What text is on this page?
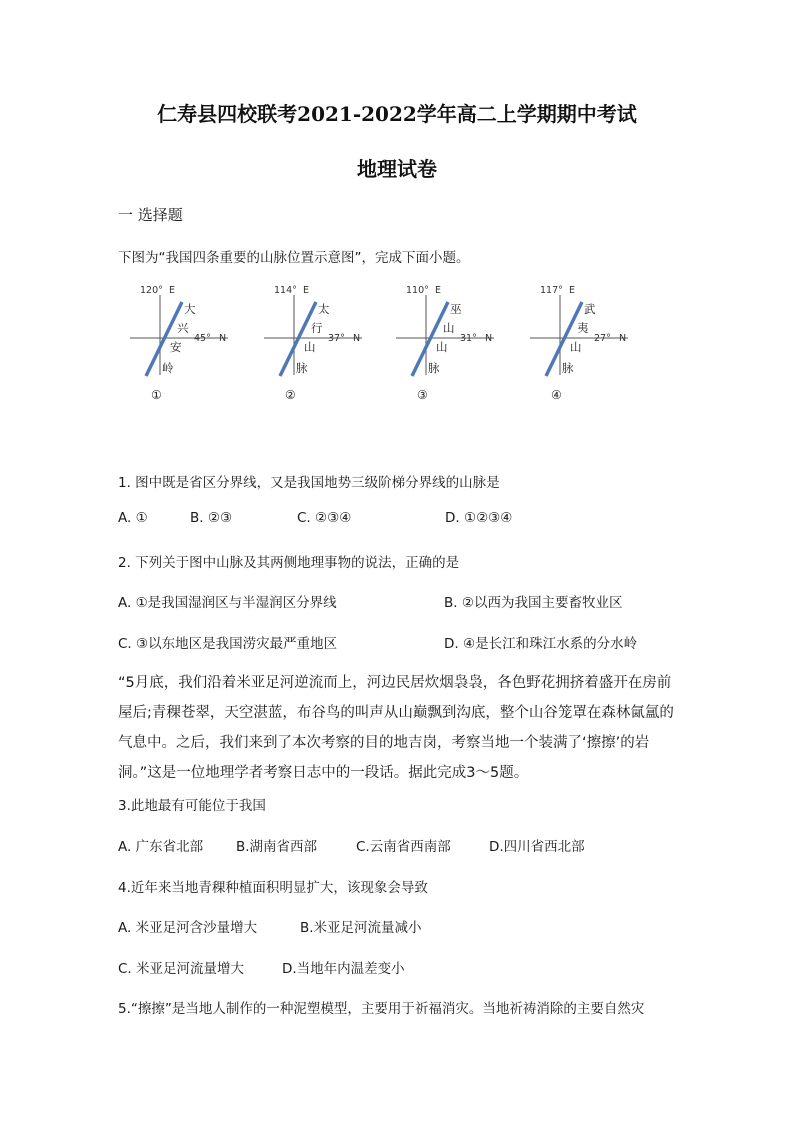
仁寿县四校联考2021-2022学年高二上学期期中考试
地理试卷
一 选择题
下图为“我国四条重要的山脉位置示意图”，完成下面小题。
120° E
45° N
大
兴
安
岭
①
114° E
37° N
太
行
山
脉
②
110° E
31° N
巫
山
山
脉
③
117° E
27° N
武
夷
山
脉
④
1. 图中既是省区分界线，又是我国地势三级阶梯分界线的山脉是
A. ①	B. ②③	C. ②③④	D. ①②③④
2. 下列关于图中山脉及其两侧地理事物的说法，正确的是
A. ①是我国湿润区与半湿润区分界线	B. ②以西为我国主要畜牧业区
C. ③以东地区是我国涝灾最严重地区	D. ④是长江和珠江水系的分水岭
“5月底，我们沿着米亚足河逆流而上，河边民居炊烟袅袅，各色野花拥挤着盛开在房前屋后;青稞苍翠，天空湛蓝，布谷鸟的叫声从山巅飘到沟底，整个山谷笼罩在森林氤氲的气息中。之后，我们来到了本次考察的目的地吉岗，考察当地一个装满了‘擦擦’的岩洞。”这是一位地理学者考察日志中的一段话。据此完成3～5题。
3.此地最有可能位于我国
A. 广东省北部 B.湖南省西部	C.云南省西南部	D.四川省西北部
4.近年来当地青稞种植面积明显扩大，该现象会导致
A. 米亚足河含沙量增大	B.米亚足河流量减小
C. 米亚足河流量增大	D.当地年内温差变小
5.“擦擦”是当地人制作的一种泥塑模型，主要用于祈福消灾。当地祈祷消除的主要自然灾
